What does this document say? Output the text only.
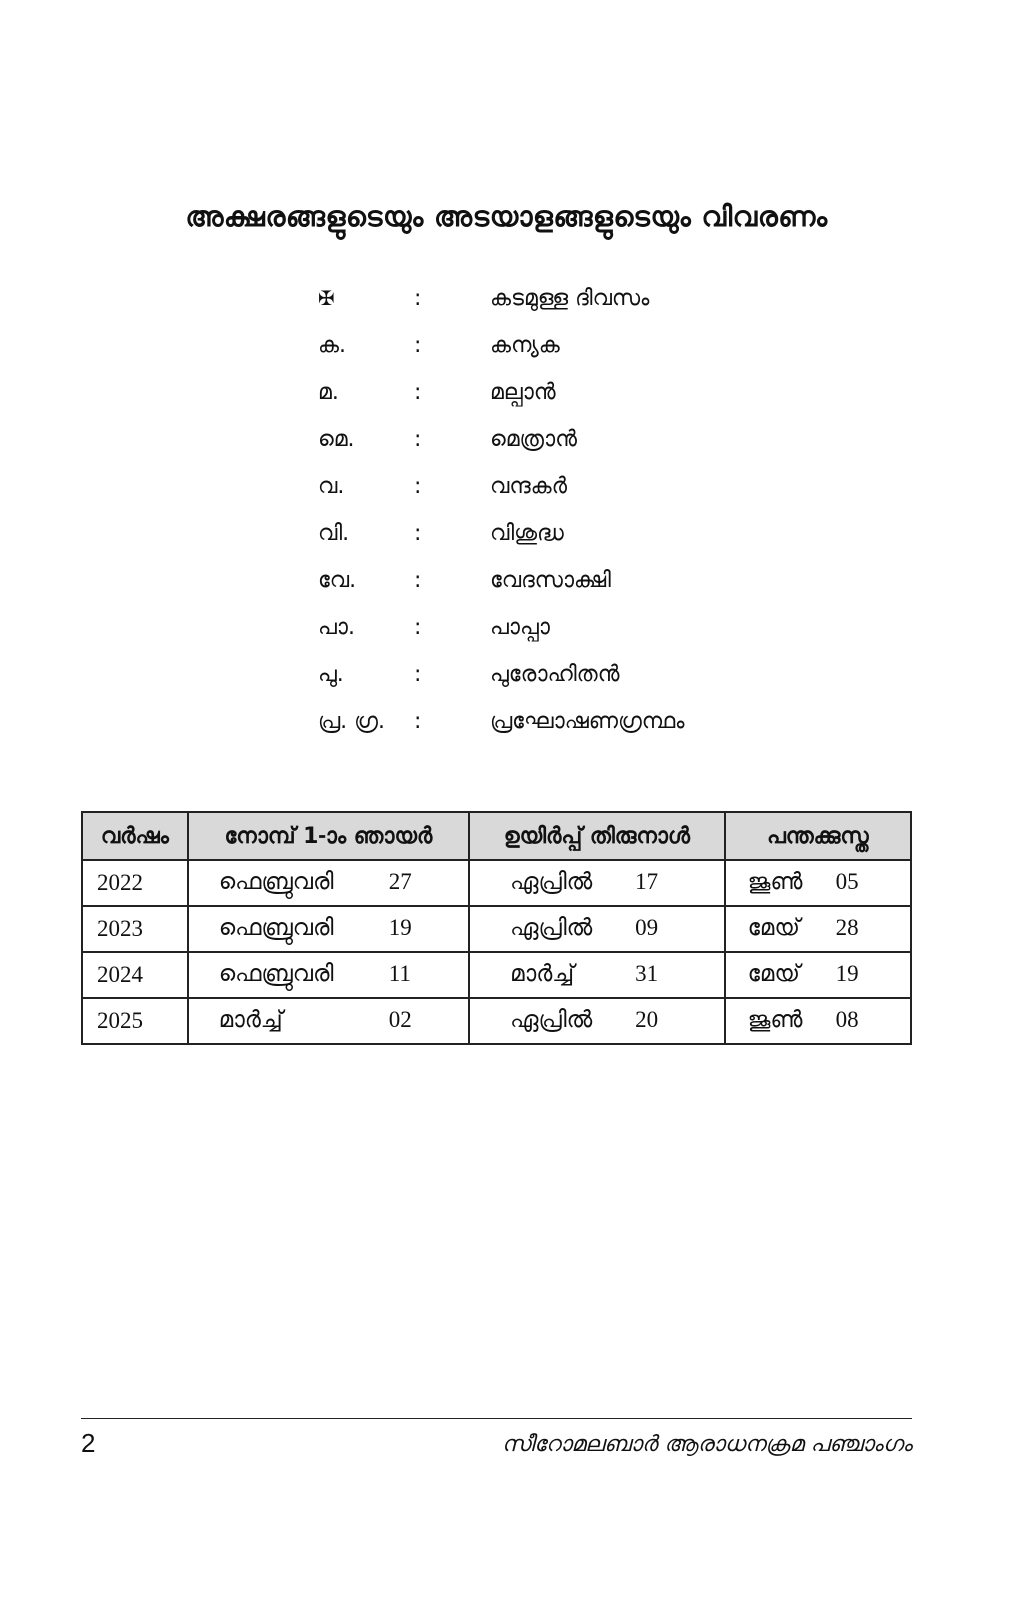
അക്ഷരങ്ങളുടെയും അടയാളങ്ങളുടെയും വിവരണം
✠	:	കടമുള്ള ദിവസം
ക.	:	കന്യക
മ.	:	മല്പാൻ
മെ.	:	മെത്രാൻ
വ.	:	വന്ദകർ
വി.	:	വിശുദ്ധ
വേ.	:	വേദസാക്ഷി
പാ.	:	പാപ്പാ
പു.	:	പുരോഹിതൻ
പ്ര. ഗ്ര. :	പ്രഘോഷണഗ്രന്ഥം
വർഷം	നോമ്പ് 1-ാം ഞായർ	ഉയിർപ്പ് തിരുനാൾ	പന്തക്കുസ്ത
2022	ഫെബ്രുവരി 27	ഏപ്രിൽ 17	ജൂൺ 05

2023	ഫെബ്രുവരി 19	ഏപ്രിൽ 09	മേയ് 28

2024	ഫെബ്രുവരി 11	മാർച്ച് 31	മേയ് 19

2025	മാർച്ച് 02	ഏപ്രിൽ 20	ജൂൺ 08
2	സീറോമലബാർ ആരാധനക്രമ പഞ്ചാംഗം
